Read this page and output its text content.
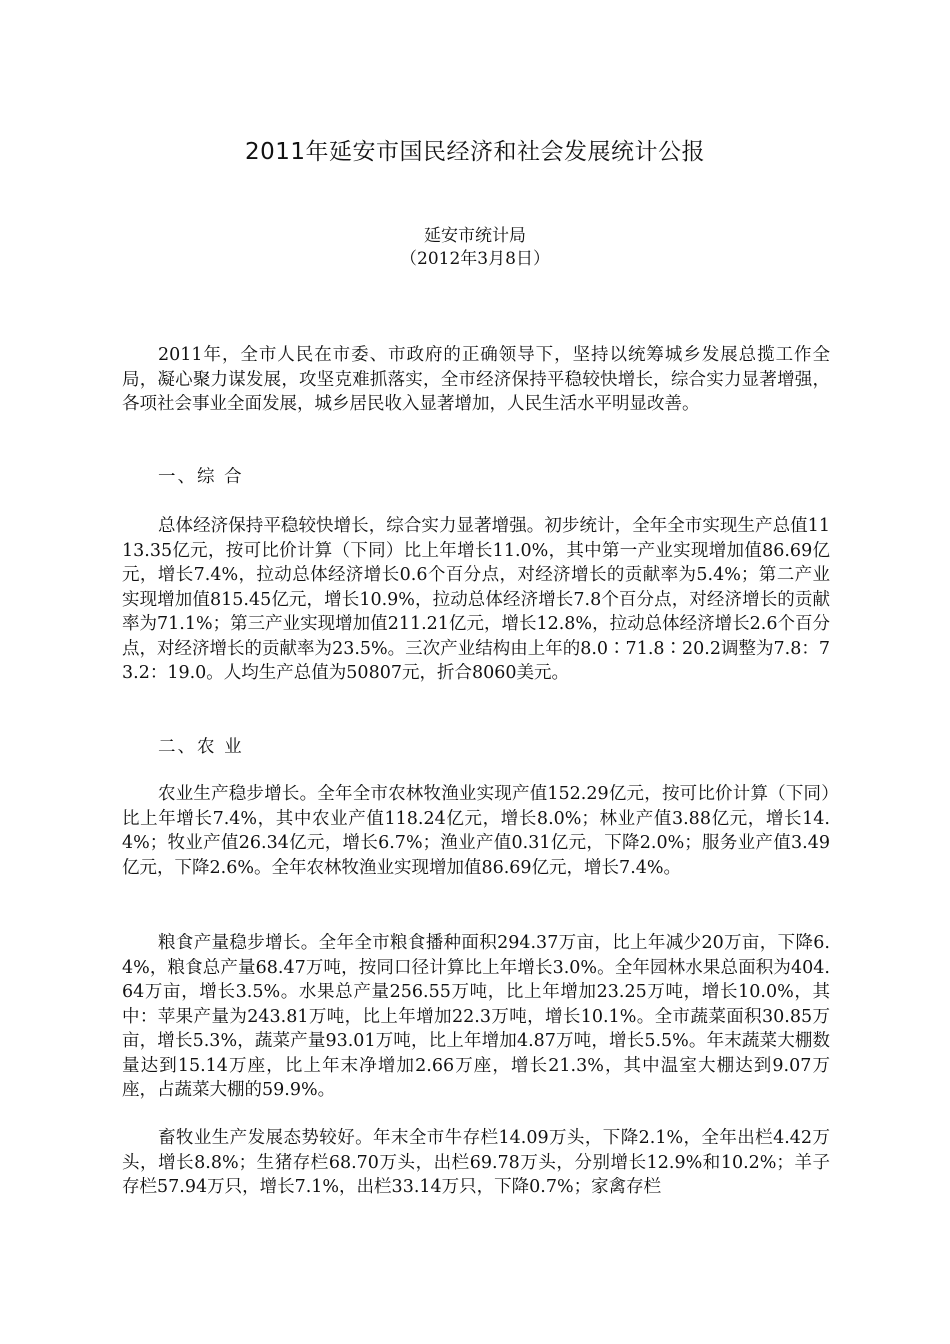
2011年延安市国民经济和社会发展统计公报
延安市统计局
（2012年3月8日）

2011年，全市人民在市委、市政府的正确领导下，坚持以统筹城乡发展总揽工作全局，凝心聚力谋发展，攻坚克难抓落实，全市经济保持平稳较快增长，综合实力显著增强，各项社会事业全面发展，城乡居民收入显著增加，人民生活水平明显改善。

一、综 合

总体经济保持平稳较快增长，综合实力显著增强。初步统计，全年全市实现生产总值1113.35亿元，按可比价计算（下同）比上年增长11.0%，其中第一产业实现增加值86.69亿元，增长7.4%，拉动总体经济增长0.6个百分点，对经济增长的贡献率为5.4%；第二产业实现增加值815.45亿元，增长10.9%，拉动总体经济增长7.8个百分点，对经济增长的贡献率为71.1%；第三产业实现增加值211.21亿元，增长12.8%，拉动总体经济增长2.6个百分点，对经济增长的贡献率为23.5%。三次产业结构由上年的8.0∶71.8∶20.2调整为7.8：73.2：19.0。人均生产总值为50807元，折合8060美元。

二、农 业

农业生产稳步增长。全年全市农林牧渔业实现产值152.29亿元，按可比价计算（下同）比上年增长7.4%，其中农业产值118.24亿元，增长8.0%；林业产值3.88亿元，增长14.4%；牧业产值26.34亿元，增长6.7%；渔业产值0.31亿元，下降2.0%；服务业产值3.49亿元，下降2.6%。全年农林牧渔业实现增加值86.69亿元，增长7.4%。

粮食产量稳步增长。全年全市粮食播种面积294.37万亩，比上年减少20万亩，下降6.4%，粮食总产量68.47万吨，按同口径计算比上年增长3.0%。全年园林水果总面积为404.64万亩，增长3.5%。水果总产量256.55万吨，比上年增加23.25万吨，增长10.0%，其中：苹果产量为243.81万吨，比上年增加22.3万吨，增长10.1%。全市蔬菜面积30.85万亩，增长5.3%，蔬菜产量93.01万吨，比上年增加4.87万吨，增长5.5%。年末蔬菜大棚数量达到15.14万座，比上年末净增加2.66万座，增长21.3%，其中温室大棚达到9.07万座，占蔬菜大棚的59.9%。

畜牧业生产发展态势较好。年末全市牛存栏14.09万头，下降2.1%，全年出栏4.42万头，增长8.8%；生猪存栏68.70万头，出栏69.78万头，分别增长12.9%和10.2%；羊子存栏57.94万只，增长7.1%，出栏33.14万只，下降0.7%；家禽存栏
